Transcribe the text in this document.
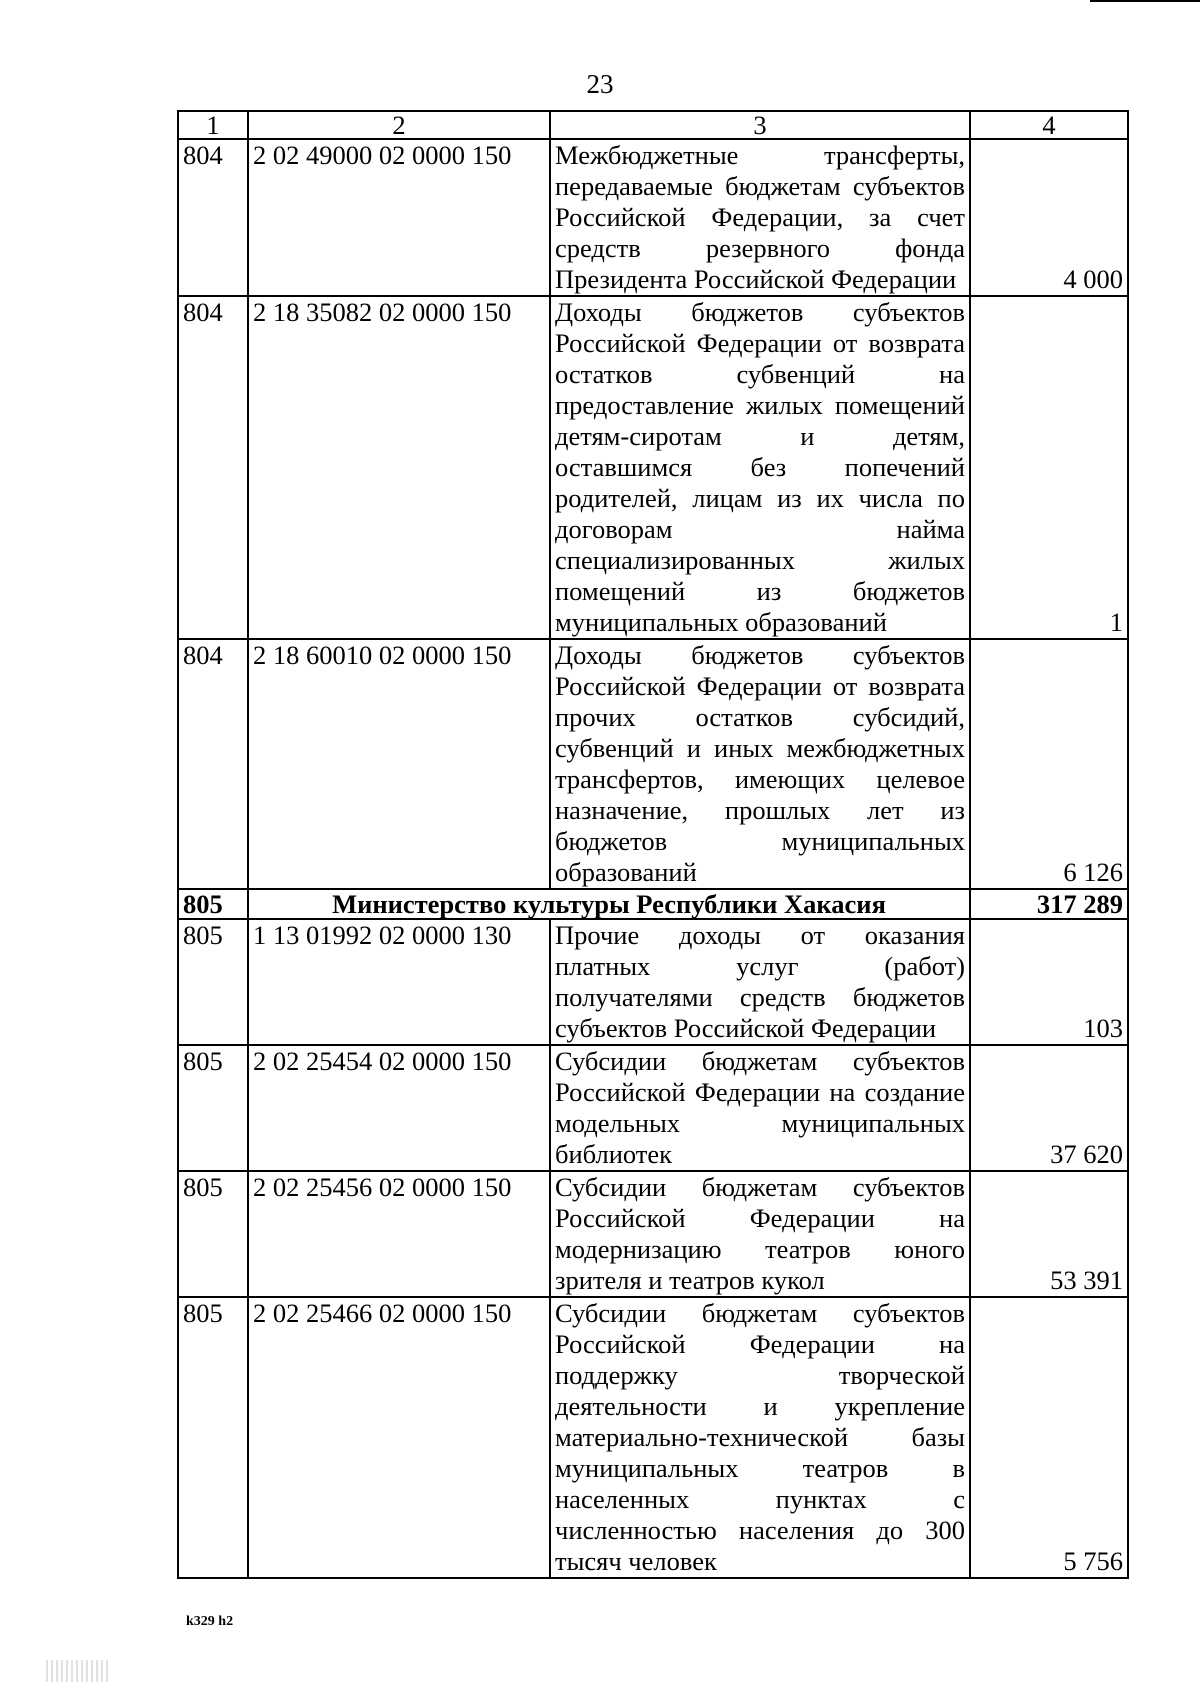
23
1	2	3	4
804	2 02 49000 02 0000 150	Межбюджетные трансферты, передаваемые бюджетам субъектов Российской Федерации, за счет средств резервного фонда Президента Российской Федерации	4 000
804	2 18 35082 02 0000 150	Доходы бюджетов субъектов Российской Федерации от возврата остатков субвенций на предоставление жилых помещений детям-сиротам и детям, оставшимся без попечений родителей, лицам из их числа по договорам найма специализированных жилых помещений из бюджетов муниципальных образований	1
804	2 18 60010 02 0000 150	Доходы бюджетов субъектов Российской Федерации от возврата прочих остатков субсидий, субвенций и иных межбюджетных трансфертов, имеющих целевое назначение, прошлых лет из бюджетов муниципальных образований	6 126
805	Министерство культуры Республики Хакасия		317 289
805	1 13 01992 02 0000 130	Прочие доходы от оказания платных услуг (работ) получателями средств бюджетов субъектов Российской Федерации	103
805	2 02 25454 02 0000 150	Субсидии бюджетам субъектов Российской Федерации на создание модельных муниципальных библиотек	37 620
805	2 02 25456 02 0000 150	Субсидии бюджетам субъектов Российской Федерации на модернизацию театров юного зрителя и театров кукол	53 391
805	2 02 25466 02 0000 150	Субсидии бюджетам субъектов Российской Федерации на поддержку творческой деятельности и укрепление материально-технической базы муниципальных театров в населенных пунктах с численностью населения до 300 тысяч человек	5 756
k329 h2
